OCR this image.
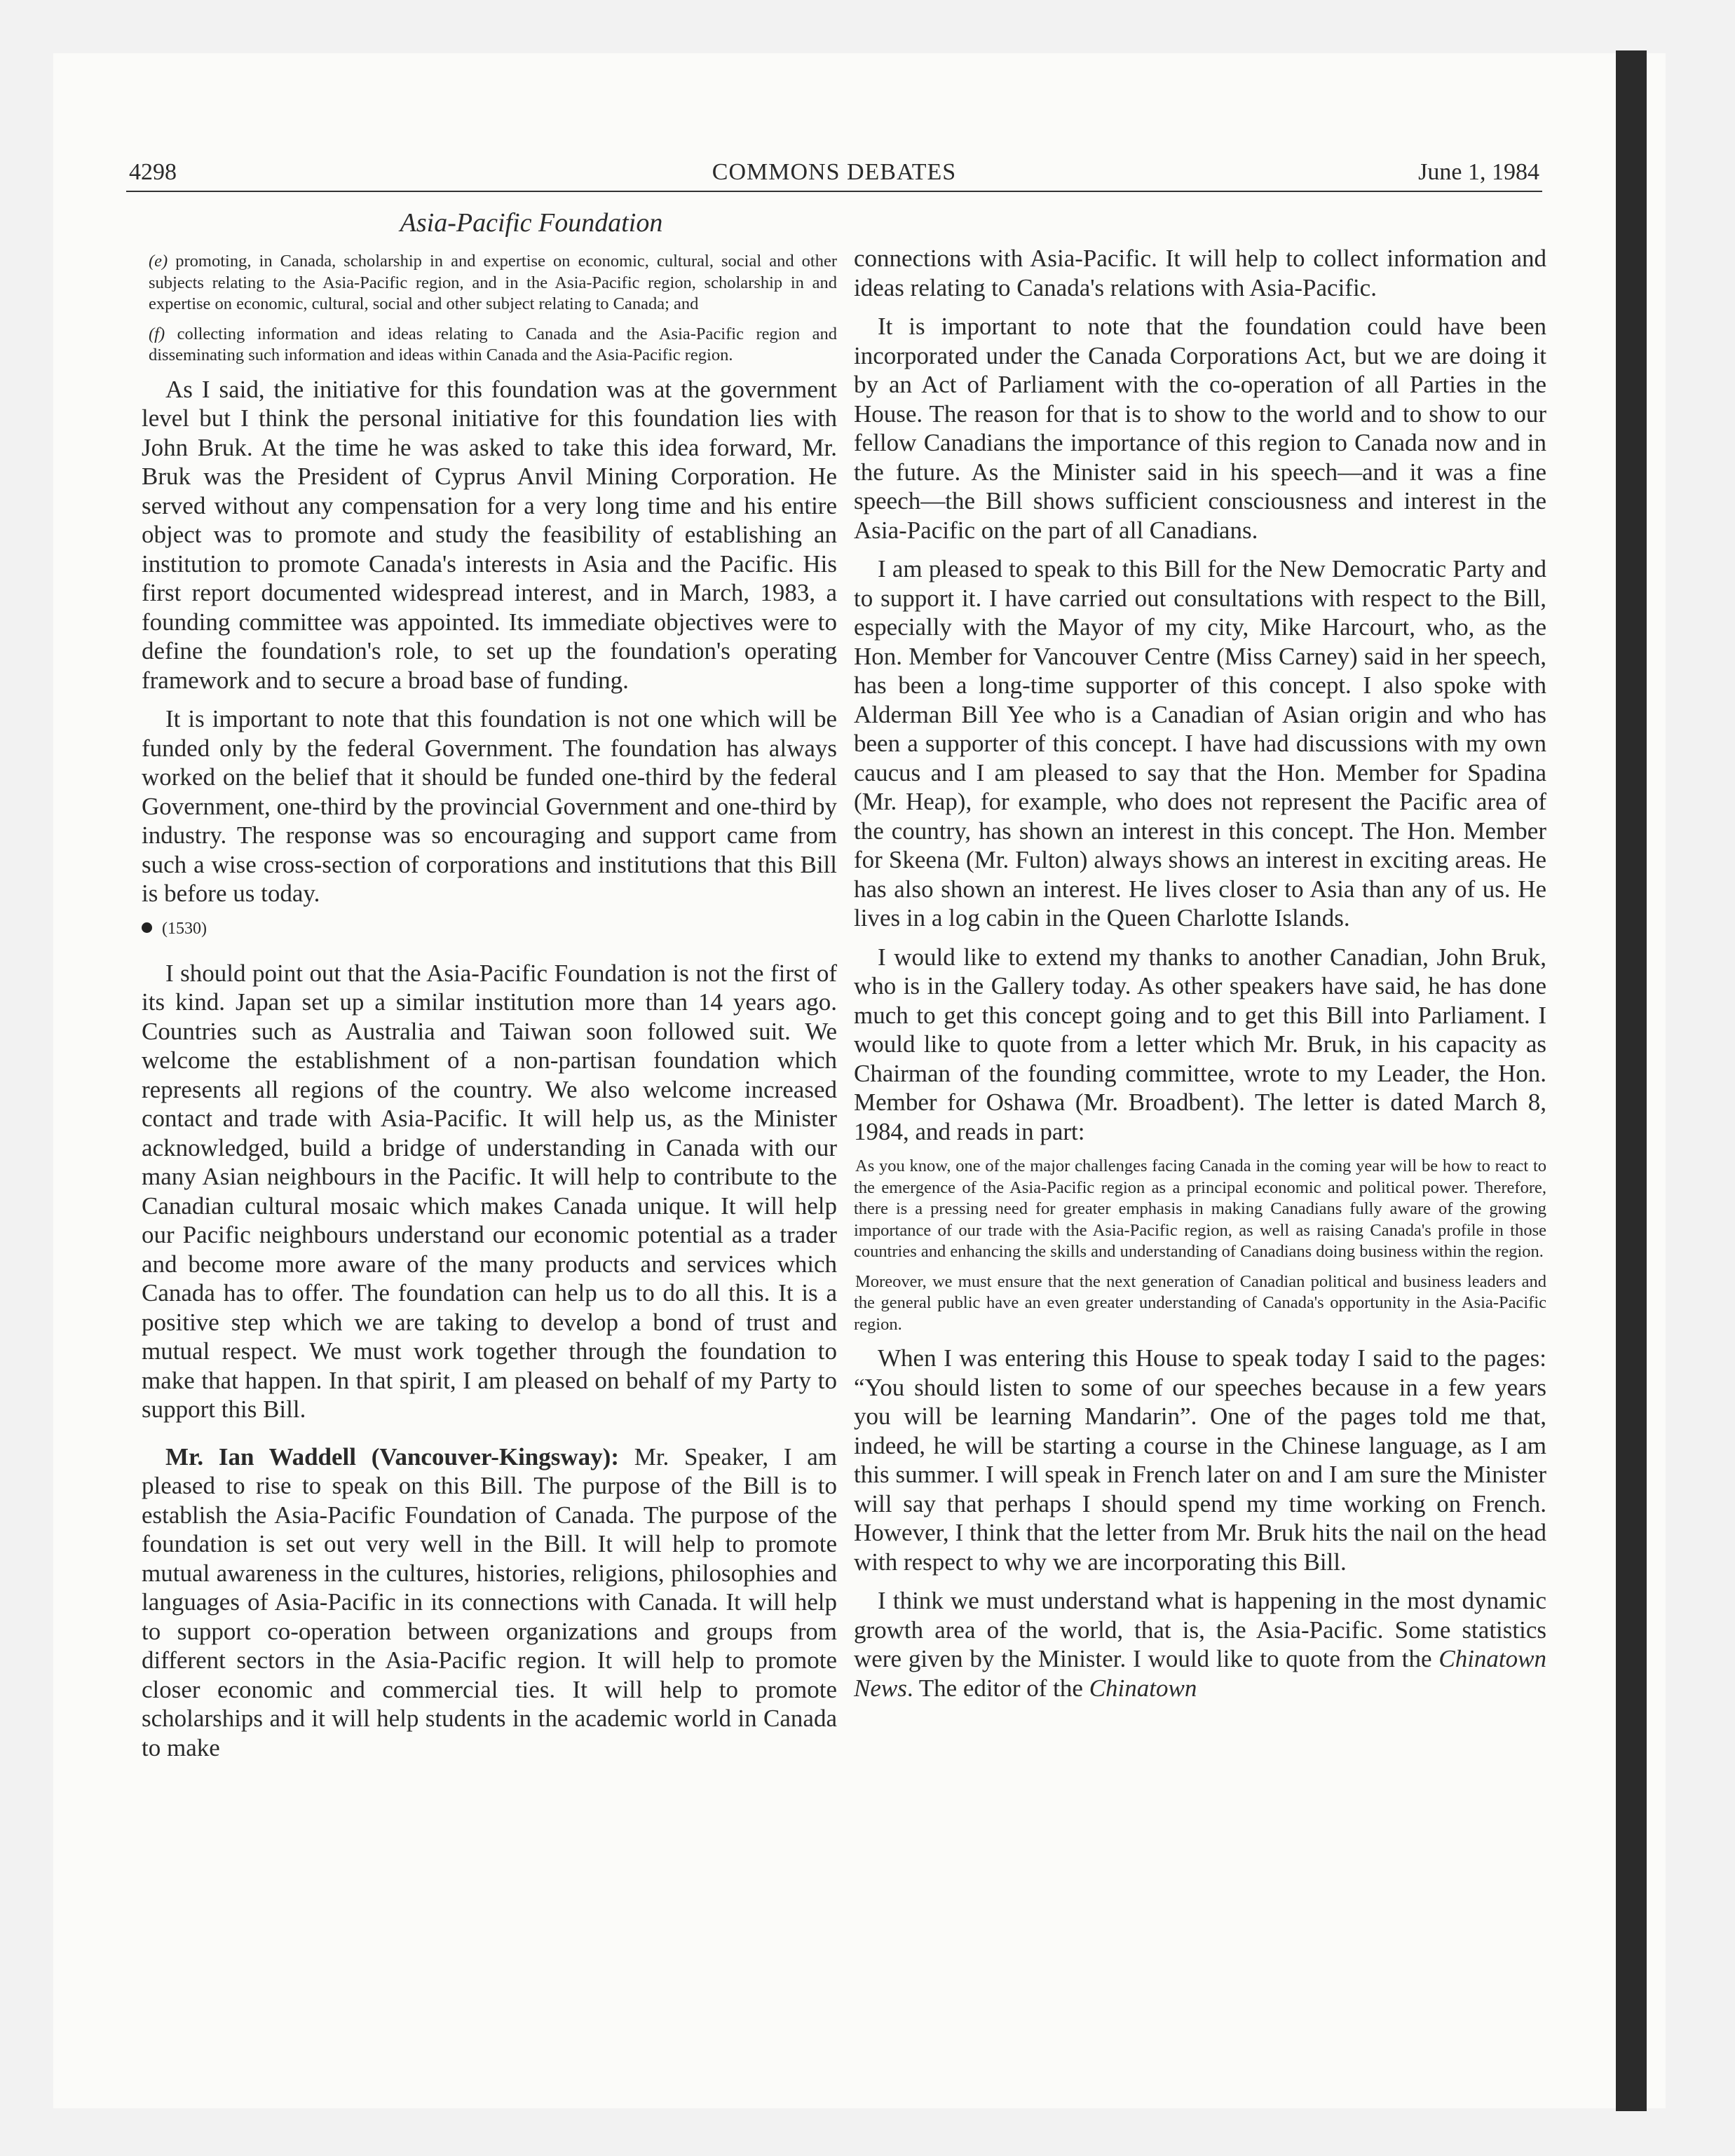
4298	COMMONS DEBATES	June 1, 1984
Asia-Pacific Foundation

(e) promoting, in Canada, scholarship in and expertise on economic, cultural, social and other subjects relating to the Asia-Pacific region, and in the Asia-Pacific region, scholarship in and expertise on economic, cultural, social and other subject relating to Canada; and

(f) collecting information and ideas relating to Canada and the Asia-Pacific region and disseminating such information and ideas within Canada and the Asia-Pacific region.

As I said, the initiative for this foundation was at the government level but I think the personal initiative for this foundation lies with John Bruk. At the time he was asked to take this idea forward, Mr. Bruk was the President of Cyprus Anvil Mining Corporation. He served without any compensation for a very long time and his entire object was to promote and study the feasibility of establishing an institution to promote Canada's interests in Asia and the Pacific. His first report documented widespread interest, and in March, 1983, a founding committee was appointed. Its immediate objectives were to define the foundation's role, to set up the foundation's operating framework and to secure a broad base of funding.

It is important to note that this foundation is not one which will be funded only by the federal Government. The foundation has always worked on the belief that it should be funded one-third by the federal Government, one-third by the provincial Government and one-third by industry. The response was so encouraging and support came from such a wise cross-section of corporations and institutions that this Bill is before us today.

(1530)

I should point out that the Asia-Pacific Foundation is not the first of its kind. Japan set up a similar institution more than 14 years ago. Countries such as Australia and Taiwan soon followed suit. We welcome the establishment of a non-partisan foundation which represents all regions of the country. We also welcome increased contact and trade with Asia-Pacific. It will help us, as the Minister acknowledged, build a bridge of understanding in Canada with our many Asian neighbours in the Pacific. It will help to contribute to the Canadian cultural mosaic which makes Canada unique. It will help our Pacific neighbours understand our economic potential as a trader and become more aware of the many products and services which Canada has to offer. The foundation can help us to do all this. It is a positive step which we are taking to develop a bond of trust and mutual respect. We must work together through the foundation to make that happen. In that spirit, I am pleased on behalf of my Party to support this Bill.

Mr. Ian Waddell (Vancouver-Kingsway): Mr. Speaker, I am pleased to rise to speak on this Bill. The purpose of the Bill is to establish the Asia-Pacific Foundation of Canada. The purpose of the foundation is set out very well in the Bill. It will help to promote mutual awareness in the cultures, histories, religions, philosophies and languages of Asia-Pacific in its connections with Canada. It will help to support co-operation between organizations and groups from different sectors in the Asia-Pacific region. It will help to promote closer economic and commercial ties. It will help to promote scholarships and it will help students in the academic world in Canada to make

connections with Asia-Pacific. It will help to collect information and ideas relating to Canada's relations with Asia-Pacific.

It is important to note that the foundation could have been incorporated under the Canada Corporations Act, but we are doing it by an Act of Parliament with the co-operation of all Parties in the House. The reason for that is to show to the world and to show to our fellow Canadians the importance of this region to Canada now and in the future. As the Minister said in his speech—and it was a fine speech—the Bill shows sufficient consciousness and interest in the Asia-Pacific on the part of all Canadians.

I am pleased to speak to this Bill for the New Democratic Party and to support it. I have carried out consultations with respect to the Bill, especially with the Mayor of my city, Mike Harcourt, who, as the Hon. Member for Vancouver Centre (Miss Carney) said in her speech, has been a long-time supporter of this concept. I also spoke with Alderman Bill Yee who is a Canadian of Asian origin and who has been a supporter of this concept. I have had discussions with my own caucus and I am pleased to say that the Hon. Member for Spadina (Mr. Heap), for example, who does not represent the Pacific area of the country, has shown an interest in this concept. The Hon. Member for Skeena (Mr. Fulton) always shows an interest in exciting areas. He has also shown an interest. He lives closer to Asia than any of us. He lives in a log cabin in the Queen Charlotte Islands.

I would like to extend my thanks to another Canadian, John Bruk, who is in the Gallery today. As other speakers have said, he has done much to get this concept going and to get this Bill into Parliament. I would like to quote from a letter which Mr. Bruk, in his capacity as Chairman of the founding committee, wrote to my Leader, the Hon. Member for Oshawa (Mr. Broadbent). The letter is dated March 8, 1984, and reads in part:

As you know, one of the major challenges facing Canada in the coming year will be how to react to the emergence of the Asia-Pacific region as a principal economic and political power. Therefore, there is a pressing need for greater emphasis in making Canadians fully aware of the growing importance of our trade with the Asia-Pacific region, as well as raising Canada's profile in those countries and enhancing the skills and understanding of Canadians doing business within the region.

Moreover, we must ensure that the next generation of Canadian political and business leaders and the general public have an even greater understanding of Canada's opportunity in the Asia-Pacific region.

When I was entering this House to speak today I said to the pages: “You should listen to some of our speeches because in a few years you will be learning Mandarin”. One of the pages told me that, indeed, he will be starting a course in the Chinese language, as I am this summer. I will speak in French later on and I am sure the Minister will say that perhaps I should spend my time working on French. However, I think that the letter from Mr. Bruk hits the nail on the head with respect to why we are incorporating this Bill.

I think we must understand what is happening in the most dynamic growth area of the world, that is, the Asia-Pacific. Some statistics were given by the Minister. I would like to quote from the Chinatown News. The editor of the Chinatown
